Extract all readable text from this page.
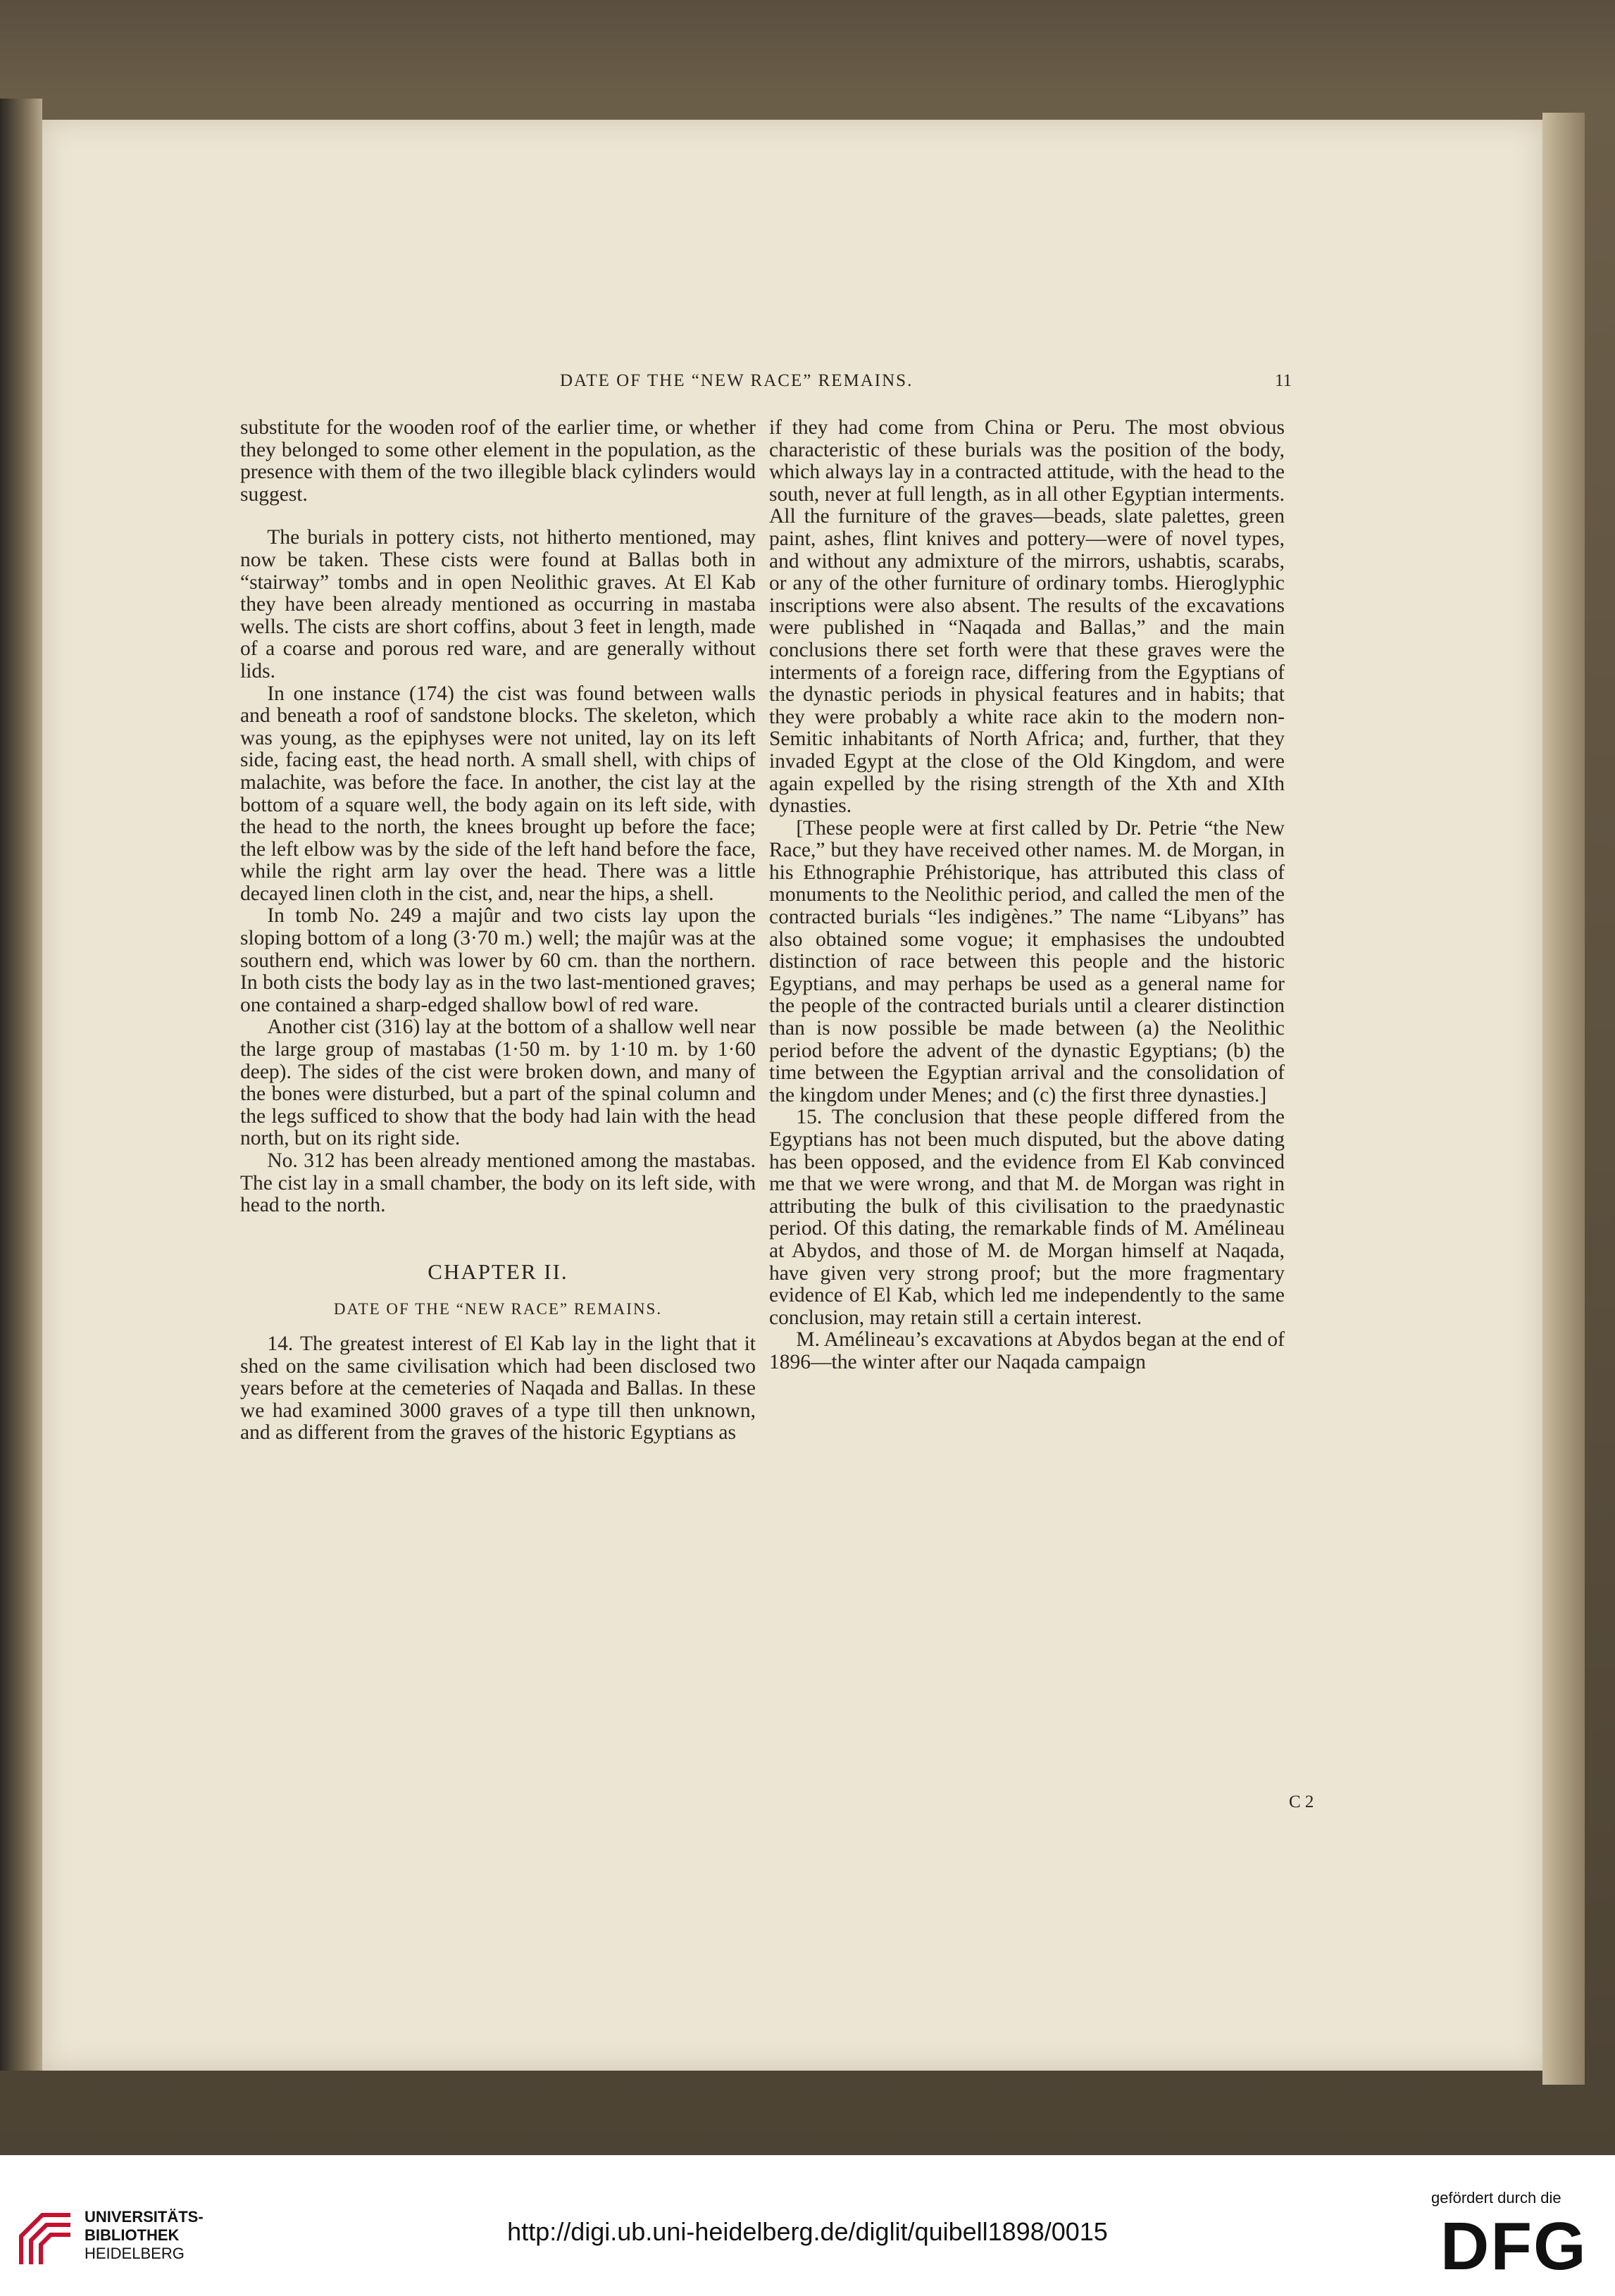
DATE OF THE “NEW RACE” REMAINS.	11

substitute for the wooden roof of the earlier time, or whether they belonged to some other element in the population, as the presence with them of the two illegible black cylinders would suggest.

The burials in pottery cists, not hitherto mentioned, may now be taken. These cists were found at Ballas both in “stairway” tombs and in open Neolithic graves. At El Kab they have been already mentioned as occurring in mastaba wells. The cists are short coffins, about 3 feet in length, made of a coarse and porous red ware, and are generally without lids.

In one instance (174) the cist was found between walls and beneath a roof of sandstone blocks. The skeleton, which was young, as the epiphyses were not united, lay on its left side, facing east, the head north. A small shell, with chips of malachite, was before the face. In another, the cist lay at the bottom of a square well, the body again on its left side, with the head to the north, the knees brought up before the face; the left elbow was by the side of the left hand before the face, while the right arm lay over the head. There was a little decayed linen cloth in the cist, and, near the hips, a shell.

In tomb No. 249 a majûr and two cists lay upon the sloping bottom of a long (3·70 m.) well; the majûr was at the southern end, which was lower by 60 cm. than the northern. In both cists the body lay as in the two last-mentioned graves; one contained a sharp-edged shallow bowl of red ware.

Another cist (316) lay at the bottom of a shallow well near the large group of mastabas (1·50 m. by 1·10 m. by 1·60 deep). The sides of the cist were broken down, and many of the bones were disturbed, but a part of the spinal column and the legs sufficed to show that the body had lain with the head north, but on its right side.

No. 312 has been already mentioned among the mastabas. The cist lay in a small chamber, the body on its left side, with head to the north.

CHAPTER II.
DATE OF THE “NEW RACE” REMAINS.

14. The greatest interest of El Kab lay in the light that it shed on the same civilisation which had been disclosed two years before at the cemeteries of Naqada and Ballas. In these we had examined 3000 graves of a type till then unknown, and as different from the graves of the historic Egyptians as

if they had come from China or Peru. The most obvious characteristic of these burials was the position of the body, which always lay in a contracted attitude, with the head to the south, never at full length, as in all other Egyptian interments. All the furniture of the graves—beads, slate palettes, green paint, ashes, flint knives and pottery—were of novel types, and without any admixture of the mirrors, ushabtis, scarabs, or any of the other furniture of ordinary tombs. Hieroglyphic inscriptions were also absent. The results of the excavations were published in “Naqada and Ballas,” and the main conclusions there set forth were that these graves were the interments of a foreign race, differing from the Egyptians of the dynastic periods in physical features and in habits; that they were probably a white race akin to the modern non-Semitic inhabitants of North Africa; and, further, that they invaded Egypt at the close of the Old Kingdom, and were again expelled by the rising strength of the Xth and XIth dynasties.

[These people were at first called by Dr. Petrie “the New Race,” but they have received other names. M. de Morgan, in his Ethnographie Préhistorique, has attributed this class of monuments to the Neolithic period, and called the men of the contracted burials “les indigènes.” The name “Libyans” has also obtained some vogue; it emphasises the undoubted distinction of race between this people and the historic Egyptians, and may perhaps be used as a general name for the people of the contracted burials until a clearer distinction than is now possible be made between (a) the Neolithic period before the advent of the dynastic Egyptians; (b) the time between the Egyptian arrival and the consolidation of the kingdom under Menes; and (c) the first three dynasties.]

15. The conclusion that these people differed from the Egyptians has not been much disputed, but the above dating has been opposed, and the evidence from El Kab convinced me that we were wrong, and that M. de Morgan was right in attributing the bulk of this civilisation to the praedynastic period. Of this dating, the remarkable finds of M. Amélineau at Abydos, and those of M. de Morgan himself at Naqada, have given very strong proof; but the more fragmentary evidence of El Kab, which led me independently to the same conclusion, may retain still a certain interest.

M. Amélineau’s excavations at Abydos began at the end of 1896—the winter after our Naqada campaign

C 2
UNIVERSITÄTS-
BIBLIOTHEK
HEIDELBERG
http://digi.ub.uni-heidelberg.de/diglit/quibell1898/0015
gefördert durch die
DFG
